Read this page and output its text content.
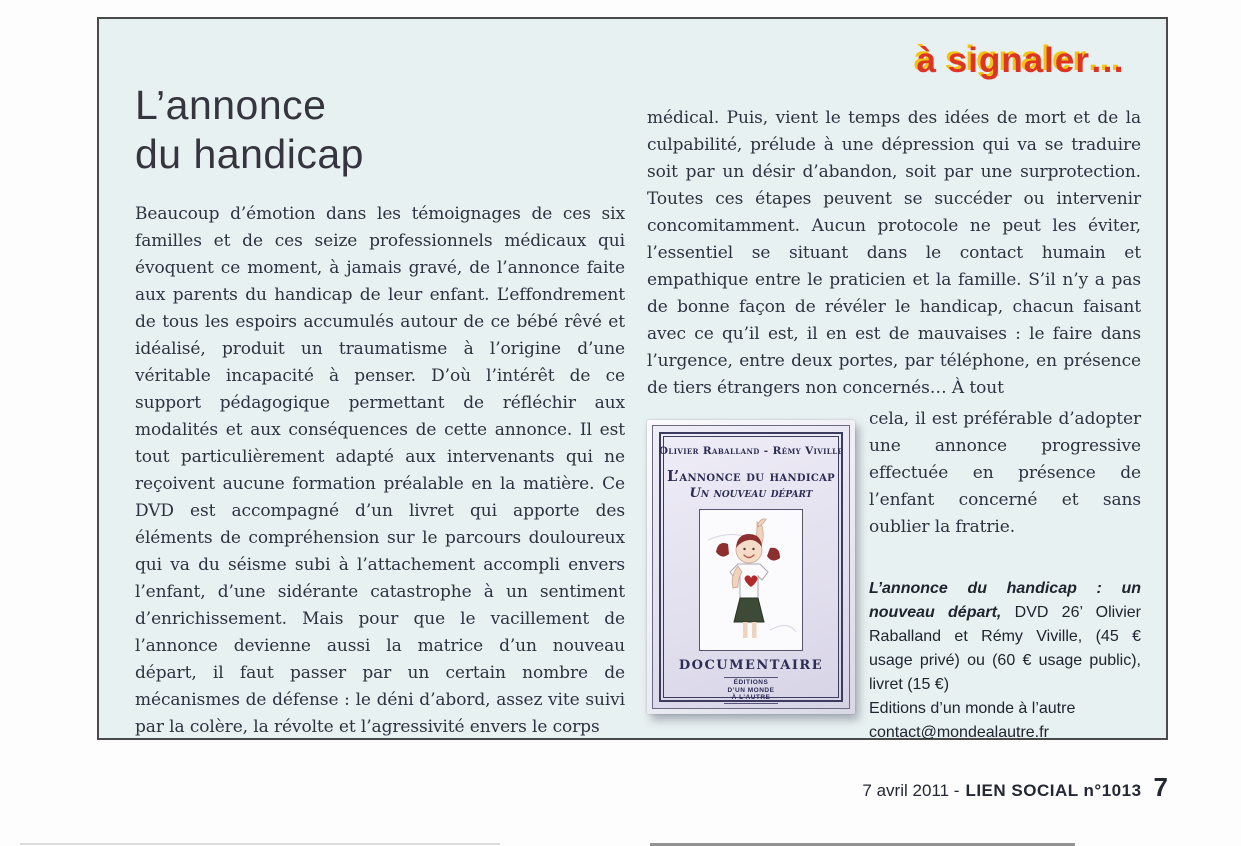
à signaler…
L’annonce
du handicap

Beaucoup d’émotion dans les témoignages de ces six familles et de ces seize professionnels médicaux qui évoquent ce moment, à jamais gravé, de l’annonce faite aux parents du handicap de leur enfant. L’effondrement de tous les espoirs accumulés autour de ce bébé rêvé et idéalisé, produit un traumatisme à l’origine d’une véritable incapacité à penser. D’où l’intérêt de ce support pédagogique permettant de réfléchir aux modalités et aux conséquences de cette annonce. Il est tout particulièrement adapté aux intervenants qui ne reçoivent aucune formation préalable en la matière. Ce DVD est accompagné d’un livret qui apporte des éléments de compréhension sur le parcours douloureux qui va du séisme subi à l’attachement accompli envers l’enfant, d’une sidérante catastrophe à un sentiment d’enrichissement. Mais pour que le vacillement de l’annonce devienne aussi la matrice d’un nouveau départ, il faut passer par un certain nombre de mécanismes de défense : le déni d’abord, assez vite suivi par la colère, la révolte et l’agressivité envers le corps

médical. Puis, vient le temps des idées de mort et de la culpabilité, prélude à une dépression qui va se traduire soit par un désir d’abandon, soit par une surprotection. Toutes ces étapes peuvent se succéder ou intervenir concomitamment. Aucun protocole ne peut les éviter, l’essentiel se situant dans le contact humain et empathique entre le praticien et la famille. S’il n’y a pas de bonne façon de révéler le handicap, chacun faisant avec ce qu’il est, il en est de mauvaises : le faire dans l’urgence, entre deux portes, par téléphone, en présence de tiers étrangers non concernés… À tout

Olivier Raballand - Rémy Viville
L’annonce du handicap
Un nouveau départ
DOCUMENTAIRE
ÉDITIONS
D’UN MONDE
À L’AUTRE

cela, il est préférable d’adopter une annonce progressive effectuée en présence de l’enfant concerné et sans oublier la fratrie.

L’annonce du handicap : un nouveau départ, DVD 26’ Olivier Raballand et Rémy Viville, (45 € usage privé) ou (60 € usage public), livret (15 €)
Editions d’un monde à l’autre
contact@mondealautre.fr

7 avril 2011 - LIEN SOCIAL n°1013 7
